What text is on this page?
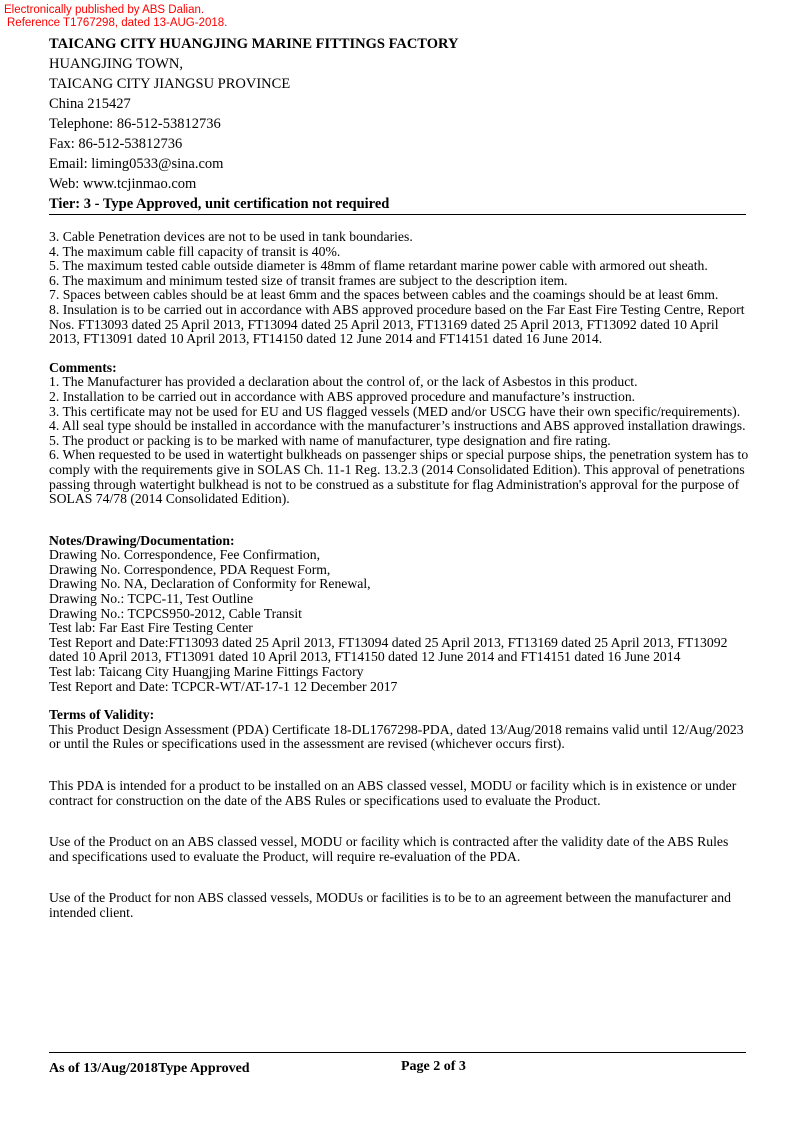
Electronically published by ABS Dalian.
Reference T1767298, dated 13-AUG-2018.

TAICANG CITY HUANGJING MARINE FITTINGS FACTORY

HUANGJING TOWN,

TAICANG CITY JIANGSU PROVINCE

China 215427

Telephone: 86-512-53812736

Fax: 86-512-53812736

Email: liming0533@sina.com

Web: www.tcjinmao.com

Tier: 3 - Type Approved, unit certification not required

3. Cable Penetration devices are not to be used in tank boundaries.

4. The maximum cable fill capacity of transit is 40%.

5. The maximum tested cable outside diameter is 48mm of flame retardant marine power cable with armored out sheath.

6. The maximum and minimum tested size of transit frames are subject to the description item.

7. Spaces between cables should be at least 6mm and the spaces between cables and the coamings should be at least 6mm.

8. Insulation is to be carried out in accordance with ABS approved procedure based on the Far East Fire Testing Centre, Report Nos. FT13093 dated 25 April 2013, FT13094 dated 25 April 2013, FT13169 dated 25 April 2013, FT13092 dated 10 April 2013, FT13091 dated 10 April 2013, FT14150 dated 12 June 2014 and FT14151 dated 16 June 2014.

Comments:

1. The Manufacturer has provided a declaration about the control of, or the lack of Asbestos in this product.

2. Installation to be carried out in accordance with ABS approved procedure and manufacture’s instruction.

3. This certificate may not be used for EU and US flagged vessels (MED and/or USCG have their own specific/requirements).

4. All seal type should be installed in accordance with the manufacturer’s instructions and ABS approved installation drawings.

5. The product or packing is to be marked with name of manufacturer, type designation and fire rating.

6. When requested to be used in watertight bulkheads on passenger ships or special purpose ships, the penetration system has to comply with the requirements give in SOLAS Ch. 11-1 Reg. 13.2.3 (2014 Consolidated Edition). This approval of penetrations passing through watertight bulkhead is not to be construed as a substitute for flag Administration's approval for the purpose of SOLAS 74/78 (2014 Consolidated Edition).

Notes/Drawing/Documentation:

Drawing No. Correspondence, Fee Confirmation,

Drawing No. Correspondence, PDA Request Form,

Drawing No. NA, Declaration of Conformity for Renewal,

Drawing No.: TCPC-11, Test Outline

Drawing No.: TCPCS950-2012, Cable Transit

Test lab: Far East Fire Testing Center

Test Report and Date:FT13093 dated 25 April 2013, FT13094 dated 25 April 2013, FT13169 dated 25 April 2013, FT13092 dated 10 April 2013, FT13091 dated 10 April 2013, FT14150 dated 12 June 2014 and FT14151 dated 16 June 2014

Test lab: Taicang City Huangjing Marine Fittings Factory

Test Report and Date: TCPCR-WT/AT-17-1 12 December 2017

Terms of Validity:

This Product Design Assessment (PDA) Certificate 18-DL1767298-PDA, dated 13/Aug/2018 remains valid until 12/Aug/2023 or until the Rules or specifications used in the assessment are revised (whichever occurs first).

This PDA is intended for a product to be installed on an ABS classed vessel, MODU or facility which is in existence or under contract for construction on the date of the ABS Rules or specifications used to evaluate the Product.

Use of the Product on an ABS classed vessel, MODU or facility which is contracted after the validity date of the ABS Rules and specifications used to evaluate the Product, will require re-evaluation of the PDA.

Use of the Product for non ABS classed vessels, MODUs or facilities is to be to an agreement between the manufacturer and intended client.

As of 13/Aug/2018Type Approved	Page 2 of 3
